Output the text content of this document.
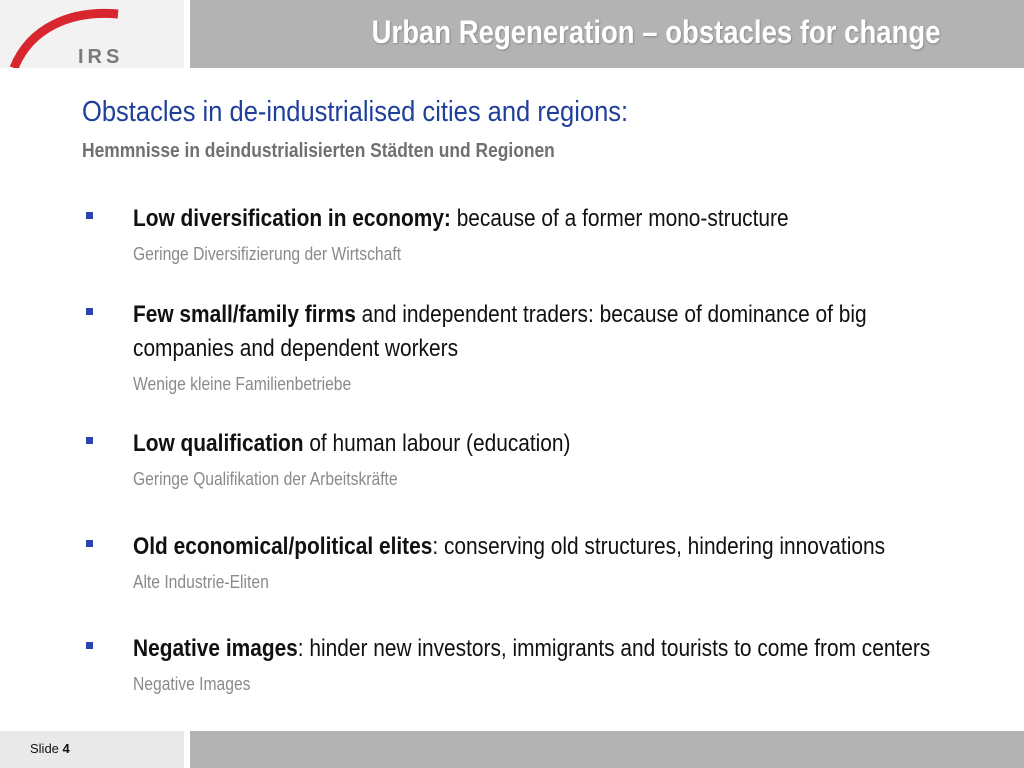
IRS
Urban Regeneration – obstacles for change
Obstacles in de-industrialised cities and regions:
Hemmnisse in deindustrialisierten Städten und Regionen
Low diversification in economy: because of a former mono-structure
Geringe Diversifizierung der Wirtschaft
Few small/family firms and independent traders: because of dominance of big companies and dependent workers
Wenige kleine Familienbetriebe
Low qualification of human labour (education)
Geringe Qualifikation der Arbeitskräfte
Old economical/political elites: conserving old structures, hindering innovations
Alte Industrie-Eliten
Negative images: hinder new investors, immigrants and tourists to come from centers
Negative Images
Slide 4
